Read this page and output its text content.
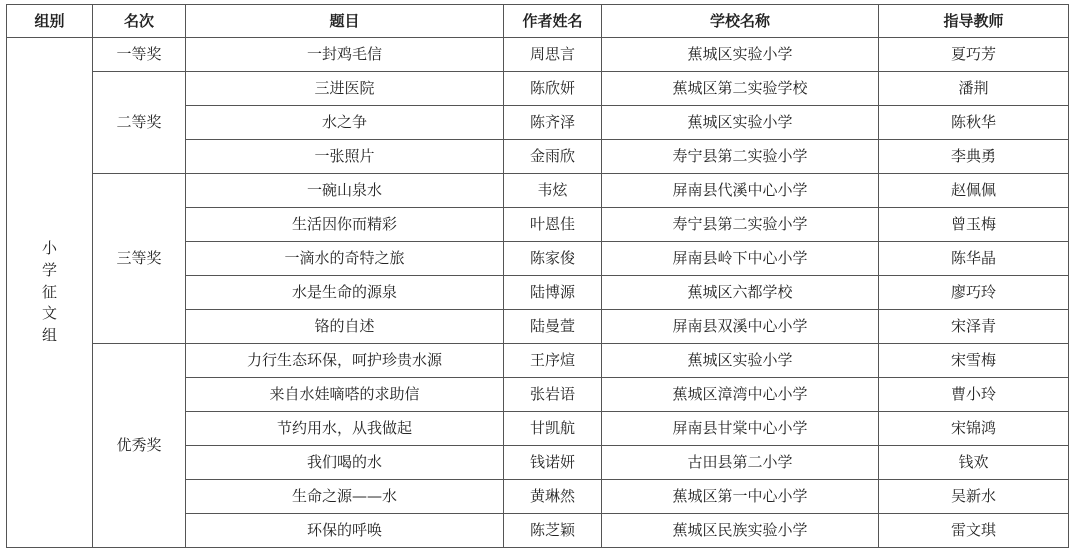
组别	名次	题目	作者姓名	学校名称	指导教师
小学征文组	一等奖	一封鸡毛信	周思言	蕉城区实验小学	夏巧芳
	二等奖	三进医院	陈欣妍	蕉城区第二实验学校	潘荆
		水之争	陈齐泽	蕉城区实验小学	陈秋华
		一张照片	金雨欣	寿宁县第二实验小学	李典勇
	三等奖	一碗山泉水	韦炫	屏南县代溪中心小学	赵佩佩
		生活因你而精彩	叶恩佳	寿宁县第二实验小学	曾玉梅
		一滴水的奇特之旅	陈家俊	屏南县岭下中心小学	陈华晶
		水是生命的源泉	陆博源	蕉城区六都学校	廖巧玲
		铬的自述	陆曼萱	屏南县双溪中心小学	宋泽青
	优秀奖	力行生态环保，呵护珍贵水源	王序煊	蕉城区实验小学	宋雪梅
		来自水娃嘀嗒的求助信	张岩语	蕉城区漳湾中心小学	曹小玲
		节约用水，从我做起	甘凯航	屏南县甘棠中心小学	宋锦鸿
		我们喝的水	钱诺妍	古田县第二小学	钱欢
		生命之源——水	黄琳然	蕉城区第一中心小学	吴新水
		环保的呼唤	陈芝颖	蕉城区民族实验小学	雷文琪
